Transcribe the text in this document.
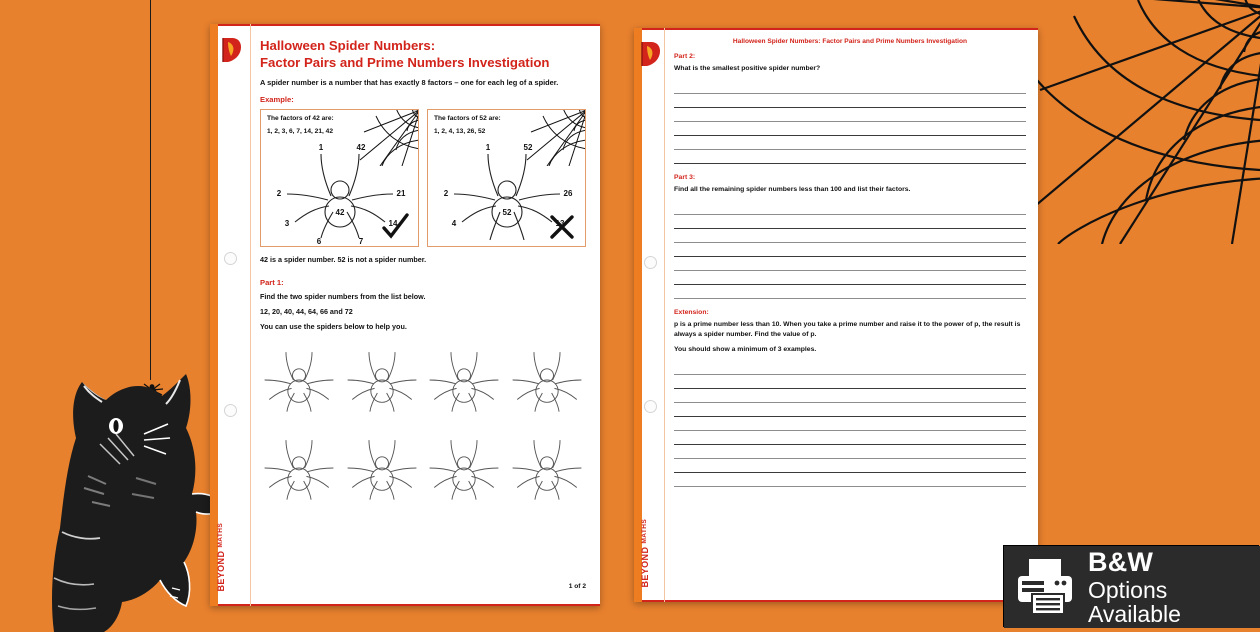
BEYONDMATHS
Halloween Spider Numbers:
Factor Pairs and Prime Numbers Investigation

A spider number is a number that has exactly 8 factors – one for each leg of a spider.

Example:
The factors of 42 are:
1, 2, 3, 6, 7, 14, 21, 42
1	42
2	21
3	14
6	7
42
The factors of 52 are:
1, 2, 4, 13, 26, 52
1	52
2	26
4	13
52

42 is a spider number. 52 is not a spider number.

Part 1:

Find the two spider numbers from the list below.

12, 20, 40, 44, 64, 66 and 72

You can use the spiders below to help you.

1 of 2	BEYONDMATHS
Halloween Spider Numbers: Factor Pairs and Prime Numbers Investigation
Part 2:

What is the smallest positive spider number?

Part 3:

Find all the remaining spider numbers less than 100 and list their factors.

Extension:

p is a prime number less than 10. When you take a prime number and raise it to the power of p, the result is always a spider number. Find the value of p.

You should show a minimum of 3 examples.

B&W
Options Available
